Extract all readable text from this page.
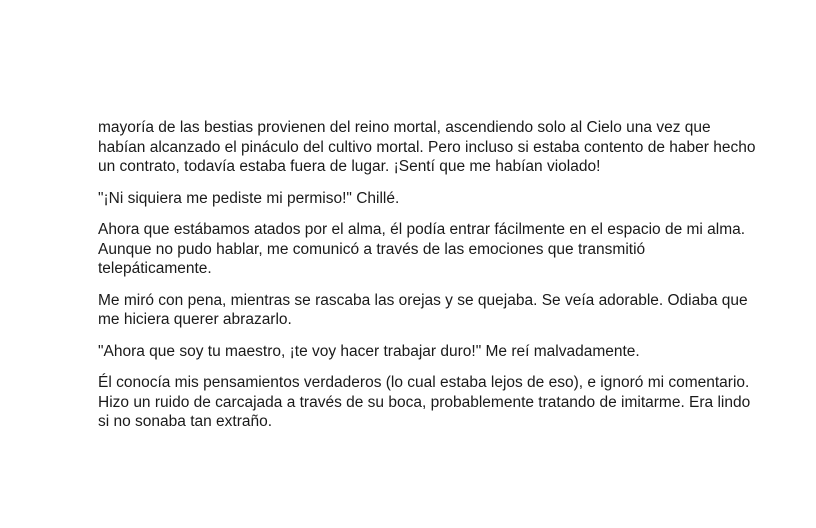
mayoría de las bestias provienen del reino mortal, ascendiendo solo al Cielo una vez que habían alcanzado el pináculo del cultivo mortal. Pero incluso si estaba contento de haber hecho un contrato, todavía estaba fuera de lugar. ¡Sentí que me habían violado!

"¡Ni siquiera me pediste mi permiso!" Chillé.

Ahora que estábamos atados por el alma, él podía entrar fácilmente en el espacio de mi alma. Aunque no pudo hablar, me comunicó a través de las emociones que transmitió telepáticamente.

Me miró con pena, mientras se rascaba las orejas y se quejaba. Se veía adorable. Odiaba que me hiciera querer abrazarlo.

"Ahora que soy tu maestro, ¡te voy hacer trabajar duro!" Me reí malvadamente.

Él conocía mis pensamientos verdaderos (lo cual estaba lejos de eso), e ignoró mi comentario. Hizo un ruido de carcajada a través de su boca, probablemente tratando de imitarme. Era lindo si no sonaba tan extraño.
